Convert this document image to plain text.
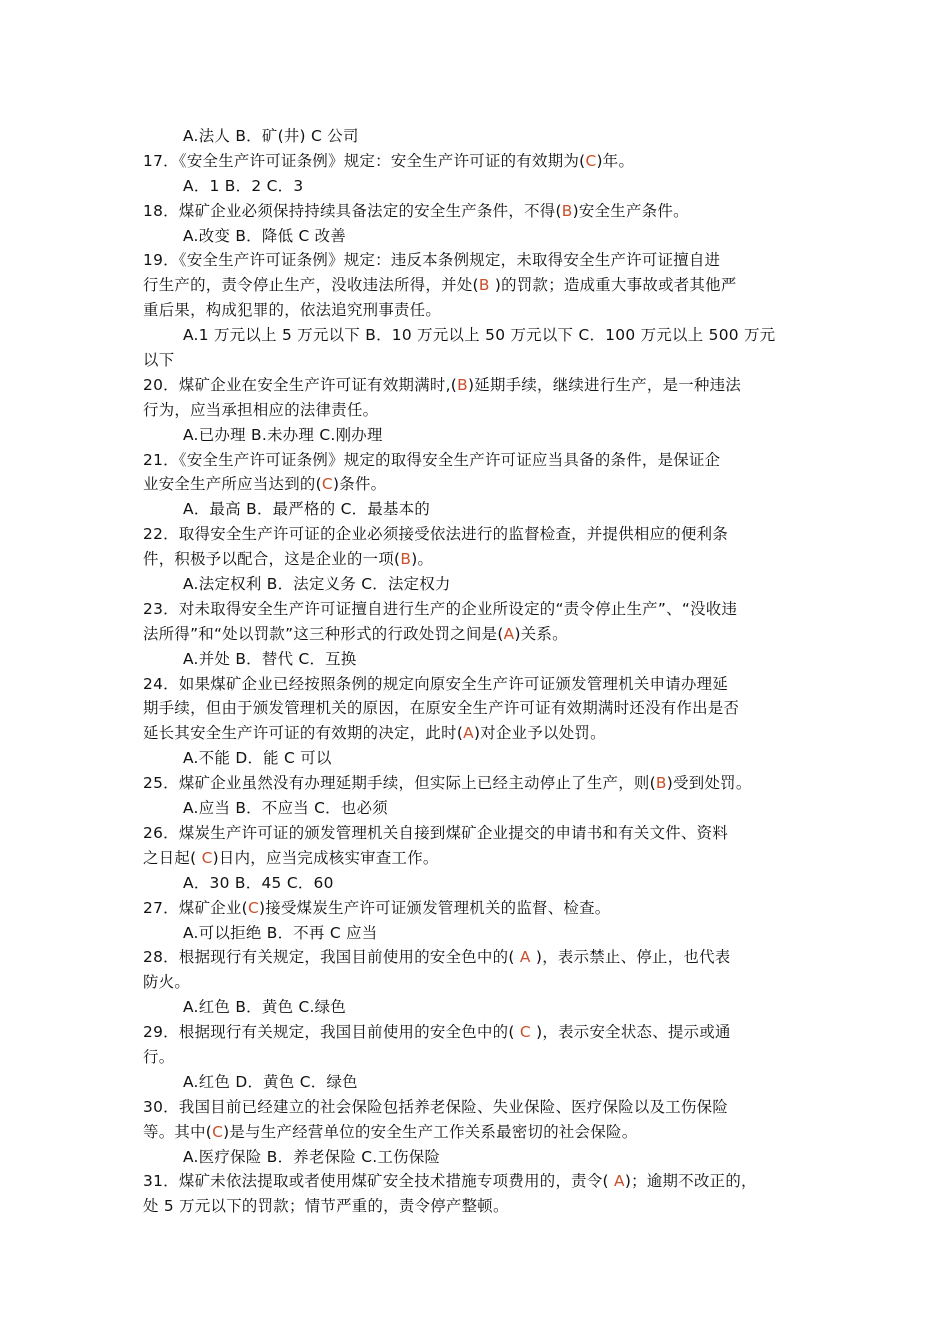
A.法人 B．矿(井) C 公司
17．《安全生产许可证条例》规定：安全生产许可证的有效期为(C)年。
A．1 B．2 C．3
18．煤矿企业必须保持持续具备法定的安全生产条件，不得(B)安全生产条件。
A.改变 B．降低 C 改善
19．《安全生产许可证条例》规定：违反本条例规定，未取得安全生产许可证擅自进
行生产的，责令停止生产，没收违法所得，并处(B )的罚款；造成重大事故或者其他严
重后果，构成犯罪的，依法追究刑事责任。
A.1 万元以上 5 万元以下 B．10 万元以上 50 万元以下 C．100 万元以上 500 万元
以下
20．煤矿企业在安全生产许可证有效期满时,(B)延期手续，继续进行生产，是一种违法
行为，应当承担相应的法律责任。
A.已办理 B.未办理 C.刚办理
21．《安全生产许可证条例》规定的取得安全生产许可证应当具备的条件，是保证企
业安全生产所应当达到的(C)条件。
A．最高 B．最严格的 C．最基本的
22．取得安全生产许可证的企业必须接受依法进行的监督检查，并提供相应的便利条
件，积极予以配合，这是企业的一项(B)。
A.法定权利 B．法定义务 C．法定权力
23．对未取得安全生产许可证擅自进行生产的企业所设定的“责令停止生产”、“没收违
法所得”和“处以罚款”这三种形式的行政处罚之间是(A)关系。
A.并处 B．替代 C．互换
24．如果煤矿企业已经按照条例的规定向原安全生产许可证颁发管理机关申请办理延
期手续，但由于颁发管理机关的原因，在原安全生产许可证有效期满时还没有作出是否
延长其安全生产许可证的有效期的决定，此时(A)对企业予以处罚。
A.不能 D．能 C 可以
25．煤矿企业虽然没有办理延期手续，但实际上已经主动停止了生产，则(B)受到处罚。
A.应当 B．不应当 C．也必须
26．煤炭生产许可证的颁发管理机关自接到煤矿企业提交的申请书和有关文件、资料
之日起( C)日内，应当完成核实审查工作。
A．30 B．45 C．60
27．煤矿企业(C)接受煤炭生产许可证颁发管理机关的监督、检查。
A.可以拒绝 B．不再 C 应当
28．根据现行有关规定，我国目前使用的安全色中的( A )，表示禁止、停止，也代表
防火。
A.红色 B．黄色 C.绿色
29．根据现行有关规定，我国目前使用的安全色中的( C )，表示安全状态、提示或通
行。
A.红色 D．黄色 C．绿色
30．我国目前已经建立的社会保险包括养老保险、失业保险、医疗保险以及工伤保险
等。其中(C)是与生产经营单位的安全生产工作关系最密切的社会保险。
A.医疗保险 B．养老保险 C.工伤保险
31．煤矿未依法提取或者使用煤矿安全技术措施专项费用的，责令( A)；逾期不改正的，
处 5 万元以下的罚款；情节严重的，责令停产整顿。
